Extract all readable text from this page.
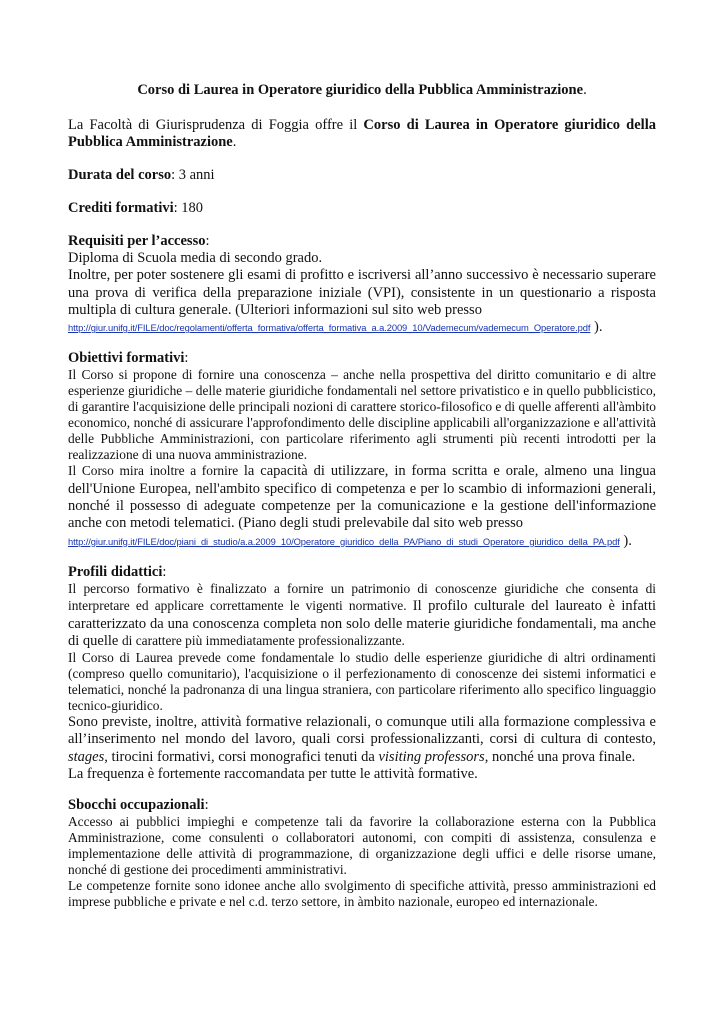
Corso di Laurea in Operatore giuridico della Pubblica Amministrazione.

La Facoltà di Giurisprudenza di Foggia offre il Corso di Laurea in Operatore giuridico della Pubblica Amministrazione.

Durata del corso: 3 anni

Crediti formativi: 180

Requisiti per l’accesso:

Diploma di Scuola media di secondo grado.

Inoltre, per poter sostenere gli esami di profitto e iscriversi all’anno successivo è necessario superare una prova di verifica della preparazione iniziale (VPI), consistente in un questionario a risposta multipla di cultura generale. (Ulteriori informazioni sul sito web presso
http://giur.unifg.it/FILE/doc/regolamenti/offerta_formativa/offerta_formativa_a.a.2009_10/Vademecum/vademecum_Operatore.pdf ).

Obiettivi formativi:

Il Corso si propone di fornire una conoscenza – anche nella prospettiva del diritto comunitario e di altre esperienze giuridiche – delle materie giuridiche fondamentali nel settore privatistico e in quello pubblicistico, di garantire l'acquisizione delle principali nozioni di carattere storico-filosofico e di quelle afferenti all'àmbito economico, nonché di assicurare l'approfondimento delle discipline applicabili all'organizzazione e all'attività delle Pubbliche Amministrazioni, con particolare riferimento agli strumenti più recenti introdotti per la realizzazione di una nuova amministrazione.

Il Corso mira inoltre a fornire la capacità di utilizzare, in forma scritta e orale, almeno una lingua dell'Unione Europea, nell'ambito specifico di competenza e per lo scambio di informazioni generali, nonché il possesso di adeguate competenze per la comunicazione e la gestione dell'informazione anche con metodi telematici. (Piano degli studi prelevabile dal sito web presso
http://giur.unifg.it/FILE/doc/piani_di_studio/a.a.2009_10/Operatore_giuridico_della_PA/Piano_di_studi_Operatore_giuridico_della_PA.pdf ).

Profili didattici:

Il percorso formativo è finalizzato a fornire un patrimonio di conoscenze giuridiche che consenta di interpretare ed applicare correttamente le vigenti normative. Il profilo culturale del laureato è infatti caratterizzato da una conoscenza completa non solo delle materie giuridiche fondamentali, ma anche di quelle di carattere più immediatamente professionalizzante.

Il Corso di Laurea prevede come fondamentale lo studio delle esperienze giuridiche di altri ordinamenti (compreso quello comunitario), l'acquisizione o il perfezionamento di conoscenze dei sistemi informatici e telematici, nonché la padronanza di una lingua straniera, con particolare riferimento allo specifico linguaggio tecnico-giuridico.

Sono previste, inoltre, attività formative relazionali, o comunque utili alla formazione complessiva e all’inserimento nel mondo del lavoro, quali corsi professionalizzanti, corsi di cultura di contesto, stages, tirocini formativi, corsi monografici tenuti da visiting professors, nonché una prova finale.

La frequenza è fortemente raccomandata per tutte le attività formative.

Sbocchi occupazionali:

Accesso ai pubblici impieghi e competenze tali da favorire la collaborazione esterna con la Pubblica Amministrazione, come consulenti o collaboratori autonomi, con compiti di assistenza, consulenza e implementazione delle attività di programmazione, di organizzazione degli uffici e delle risorse umane, nonché di gestione dei procedimenti amministrativi.

Le competenze fornite sono idonee anche allo svolgimento di specifiche attività, presso amministrazioni ed imprese pubbliche e private e nel c.d. terzo settore, in àmbito nazionale, europeo ed internazionale.
